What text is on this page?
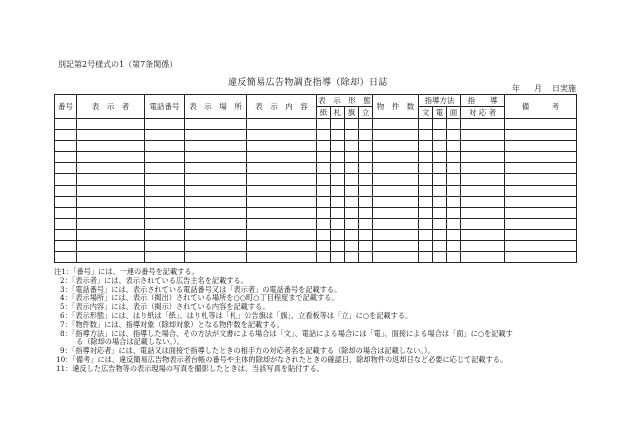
別記第2号様式の1（第7条関係）
違反簡易広告物調査指導（除却）日誌
年 月 日実施
番号	表　示　者	電話番号	表　示　場　所	表　示　内　容	表　示　形　態				物　件　数	指導方法			指　　導	備　　　考
					紙	札	旗	立		文	電	面	対 応 者	

注1：「番号」には、一連の番号を記載する。

2：「表示者」には、表示されている広告主名を記載する。

3：「電話番号」には、表示されている電話番号又は「表示者」の電話番号を記載する。

4：「表示場所」には、表示（掲出）されている場所を○○町○丁目程度まで記載する。

5：「表示内容」には、表示（掲示）されている内容を記載する。

6：「表示形態」には、はり紙は「紙」、はり札等は「札」公告旗は「旗」、立看板等は「立」に○を記載する。

7：「物件数」には、指導対象（除却対象）となる物件数を記載する。

8：「指導方法」には、指導した場合、その方法が文書による場合は「文」、電話による場合には「電」、面接による場合は「面」に○を記載す

る（除却の場合は記載しない。）。

9：「指導対応者」には、電話又は面接で指導したときの相手方の対応者名を記載する（除却の場合は記載しない。）。

10：「備考」には、違反簡易広告物表示者台帳の番号や主体的除却がなされたときの確認日、除却物件の返却日など必要に応じて記載する。

11：違反した広告物等の表示現場の写真を撮影したときは、当該写真を貼付する。
